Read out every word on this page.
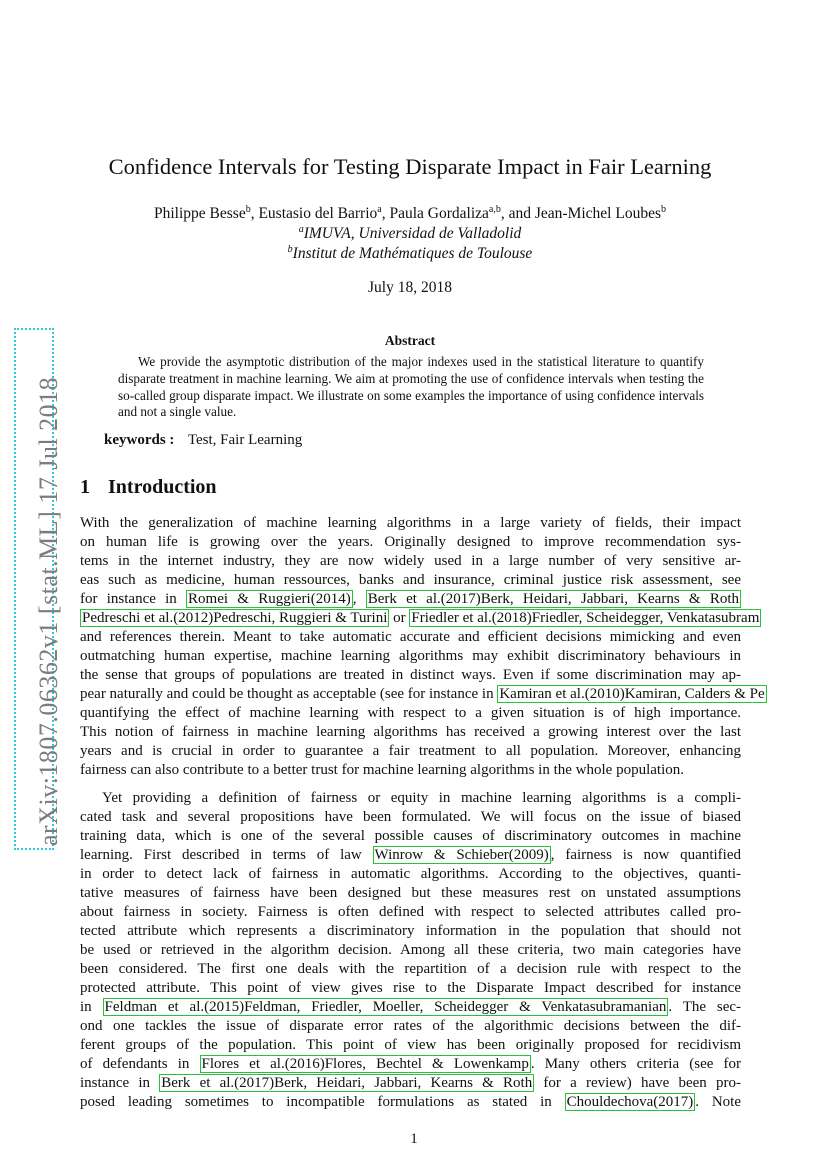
arXiv:1807.06362v1 [stat.ML] 17 Jul 2018
Confidence Intervals for Testing Disparate Impact in Fair Learning
Philippe Besse$^b$, Eustasio del Barrio$^a$, Paula Gordaliza$^{a,b}$, and Jean-Michel Loubes$^b$
$^a$IMUVA, Universidad de Valladolid
$^b$Institut de Mathématiques de Toulouse
July 18, 2018
Abstract
We provide the asymptotic distribution of the major indexes used in the statistical literature to quantify disparate treatment in machine learning. We aim at promoting the use of confidence intervals when testing the so-called group disparate impact. We illustrate on some examples the importance of using confidence intervals and not a single value.
keywords : Test, Fair Learning
1 Introduction
With the generalization of machine learning algorithms in a large variety of fields, their impact
on human life is growing over the years. Originally designed to improve recommendation sys-
tems in the internet industry, they are now widely used in a large number of very sensitive ar-
eas such as medicine, human ressources, banks and insurance, criminal justice risk assessment, see
for instance in Romei & Ruggieri(2014) , Berk et al.(2017)Berk, Heidari, Jabbari, Kearns & Roth
Pedreschi et al.(2012)Pedreschi, Ruggieri & Turini or Friedler et al.(2018)Friedler, Scheidegger, Venkatasubram
and references therein. Meant to take automatic accurate and efficient decisions mimicking and even
outmatching human expertise, machine learning algorithms may exhibit discriminatory behaviours in
the sense that groups of populations are treated in distinct ways. Even if some discrimination may ap-
pear naturally and could be thought as acceptable (see for instance in Kamiran et al.(2010)Kamiran, Calders & Pe
quantifying the effect of machine learning with respect to a given situation is of high importance.
This notion of fairness in machine learning algorithms has received a growing interest over the last
years and is crucial in order to guarantee a fair treatment to all population. Moreover, enhancing
fairness can also contribute to a better trust for machine learning algorithms in the whole population.
Yet providing a definition of fairness or equity in machine learning algorithms is a compli-
cated task and several propositions have been formulated. We will focus on the issue of biased
training data, which is one of the several possible causes of discriminatory outcomes in machine
learning. First described in terms of law Winrow & Schieber(2009) , fairness is now quantified
in order to detect lack of fairness in automatic algorithms. According to the objectives, quanti-
tative measures of fairness have been designed but these measures rest on unstated assumptions
about fairness in society. Fairness is often defined with respect to selected attributes called pro-
tected attribute which represents a discriminatory information in the population that should not
be used or retrieved in the algorithm decision. Among all these criteria, two main categories have
been considered. The first one deals with the repartition of a decision rule with respect to the
protected attribute. This point of view gives rise to the Disparate Impact described for instance
in Feldman et al.(2015)Feldman, Friedler, Moeller, Scheidegger & Venkatasubramanian . The sec-
ond one tackles the issue of disparate error rates of the algorithmic decisions between the dif-
ferent groups of the population. This point of view has been originally proposed for recidivism
of defendants in Flores et al.(2016)Flores, Bechtel & Lowenkamp . Many others criteria (see for
instance in Berk et al.(2017)Berk, Heidari, Jabbari, Kearns & Roth for a review) have been pro-
posed leading sometimes to incompatible formulations as stated in Chouldechova(2017) . Note
1
